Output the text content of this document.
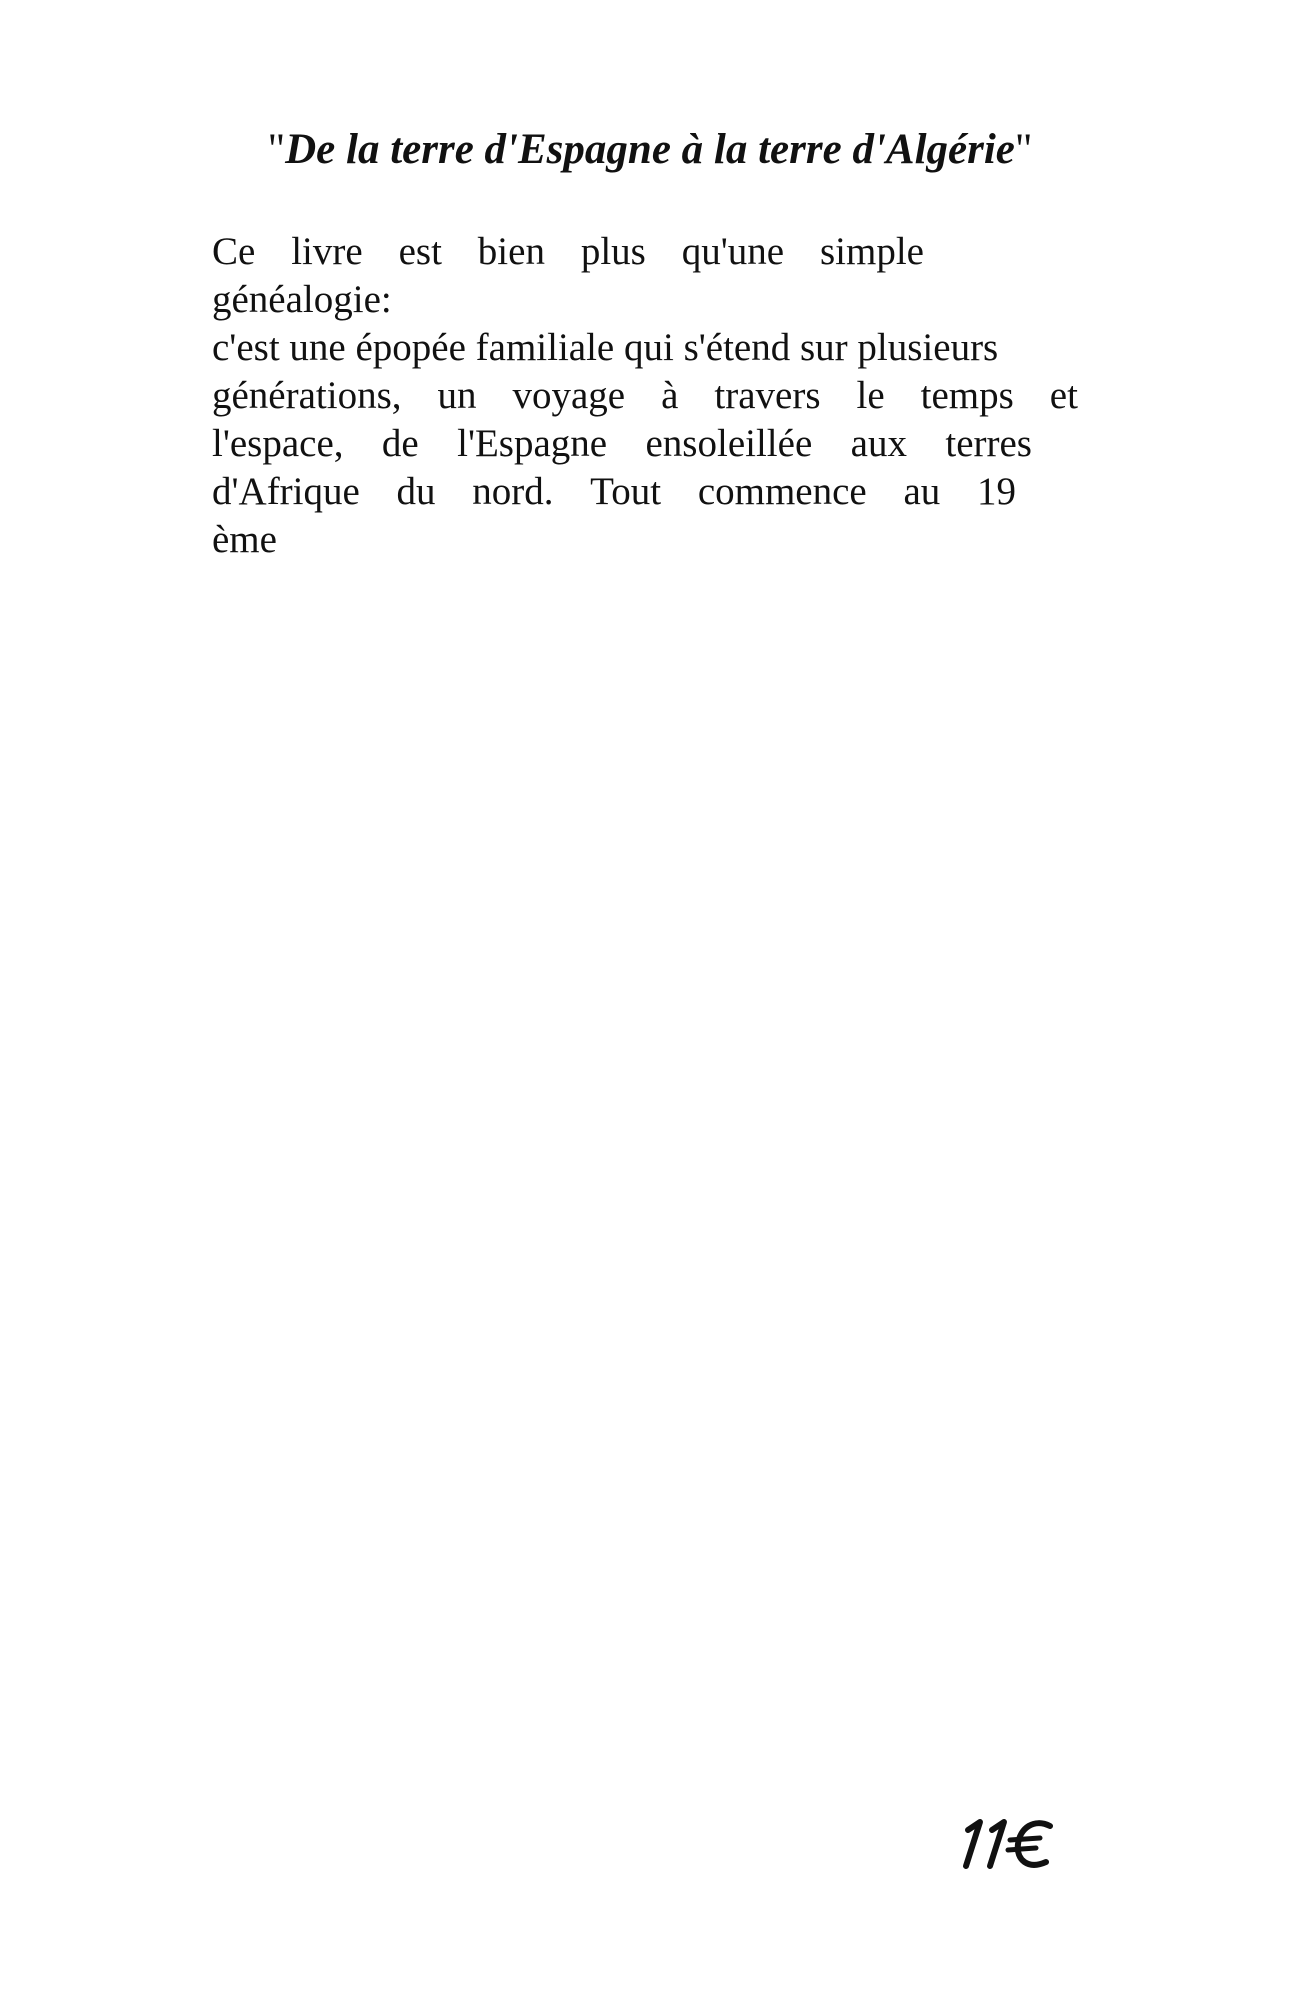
"De la terre d'Espagne à la terre d'Algérie"
Ce livre est bien plus qu'une simple
généalogie:
c'est une épopée familiale qui s'étend sur plusieurs
générations, un voyage à travers le temps et
l'espace, de l'Espagne ensoleillée aux terres
d'Afrique du nord. Tout commence au 19
ème
